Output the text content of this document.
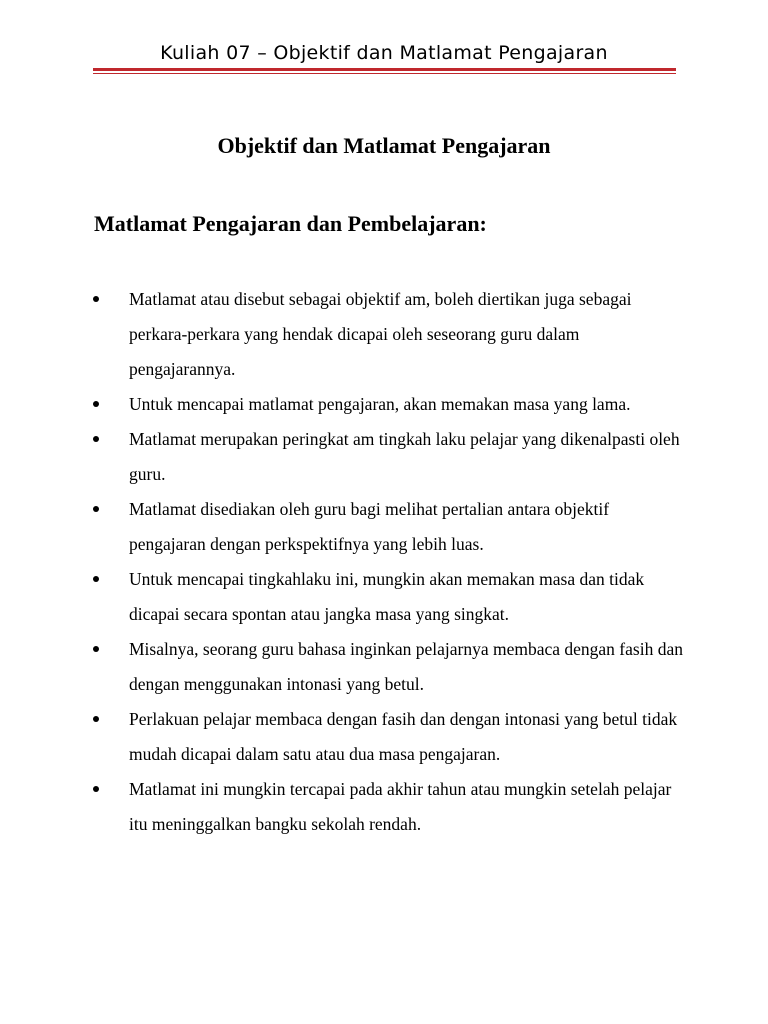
Kuliah 07 – Objektif dan Matlamat Pengajaran
Objektif dan Matlamat Pengajaran
Matlamat Pengajaran dan Pembelajaran:
Matlamat atau disebut sebagai objektif am, boleh diertikan juga sebagai perkara-perkara yang hendak dicapai oleh seseorang guru dalam pengajarannya.
Untuk mencapai matlamat pengajaran, akan memakan masa yang lama.
Matlamat merupakan peringkat am tingkah laku pelajar yang dikenalpasti oleh guru.
Matlamat disediakan oleh guru bagi melihat pertalian antara objektif pengajaran dengan perkspektifnya yang lebih luas.
Untuk mencapai tingkahlaku ini, mungkin akan memakan masa dan tidak dicapai secara spontan atau jangka masa yang singkat.
Misalnya, seorang guru bahasa inginkan pelajarnya membaca dengan fasih dan dengan menggunakan intonasi yang betul.
Perlakuan pelajar membaca dengan fasih dan dengan intonasi yang betul tidak mudah dicapai dalam satu atau dua masa pengajaran.
Matlamat ini mungkin tercapai pada akhir tahun atau mungkin setelah pelajar itu meninggalkan bangku sekolah rendah.
